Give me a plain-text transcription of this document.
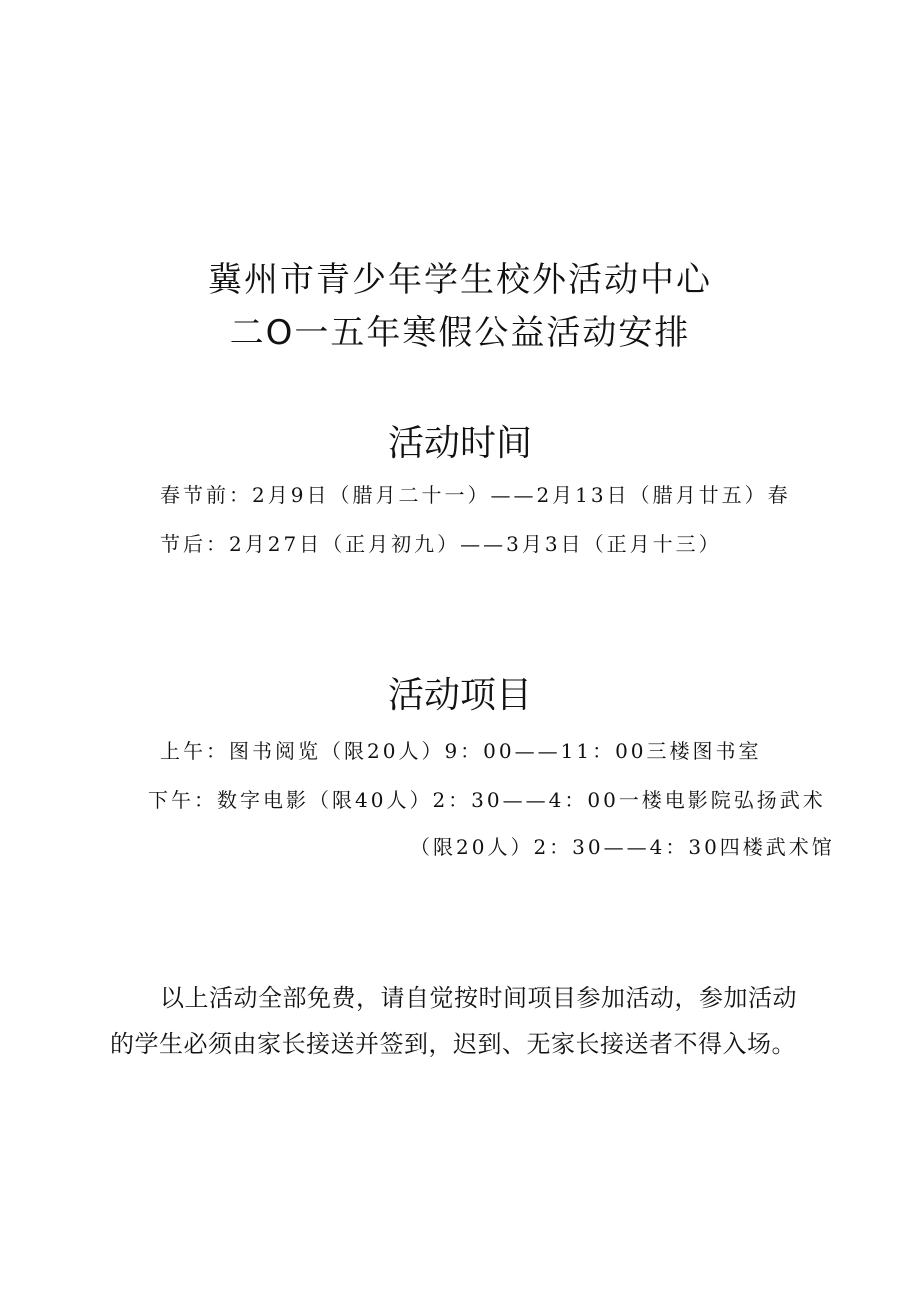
冀州市青少年学生校外活动中心
二O一五年寒假公益活动安排
活动时间
春节前：2月9日（腊月二十一）——2月13日（腊月廿五）春
节后：2月27日（正月初九）——3月3日（正月十三）
活动项目
上午：图书阅览（限20人）9：00——11：00三楼图书室
下午：数字电影（限40人）2：30——4：00一楼电影院弘扬武术
（限20人）2：30——4：30四楼武术馆
以上活动全部免费，请自觉按时间项目参加活动，参加活动
的学生必须由家长接送并签到，迟到、无家长接送者不得入场。
